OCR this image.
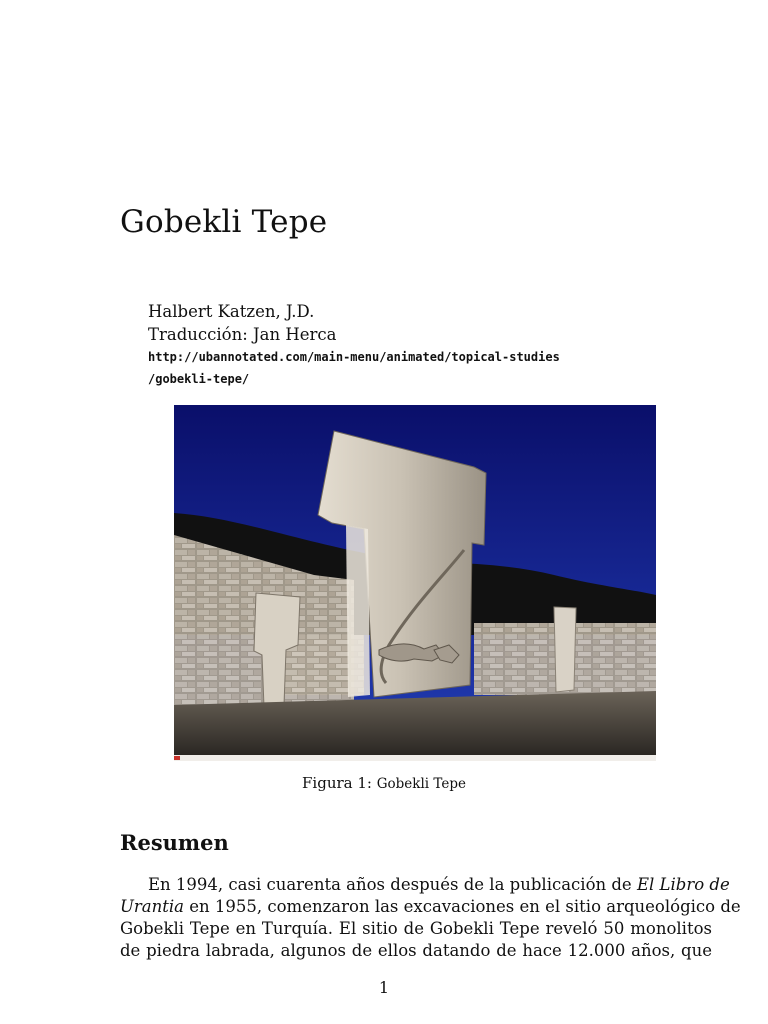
Gobekli Tepe
Halbert Katzen, J.D.
Traducción: Jan Herca
http://ubannotated.com/main-menu/animated/topical-studies
/gobekli-tepe/
Figura 1: Gobekli Tepe
Resumen
En 1994, casi cuarenta años después de la publicación de El Libro de
Urantia en 1955, comenzaron las excavaciones en el sitio arqueológico de
Gobekli Tepe en Turquía. El sitio de Gobekli Tepe reveló 50 monolitos
de piedra labrada, algunos de ellos datando de hace 12.000 años, que
1
